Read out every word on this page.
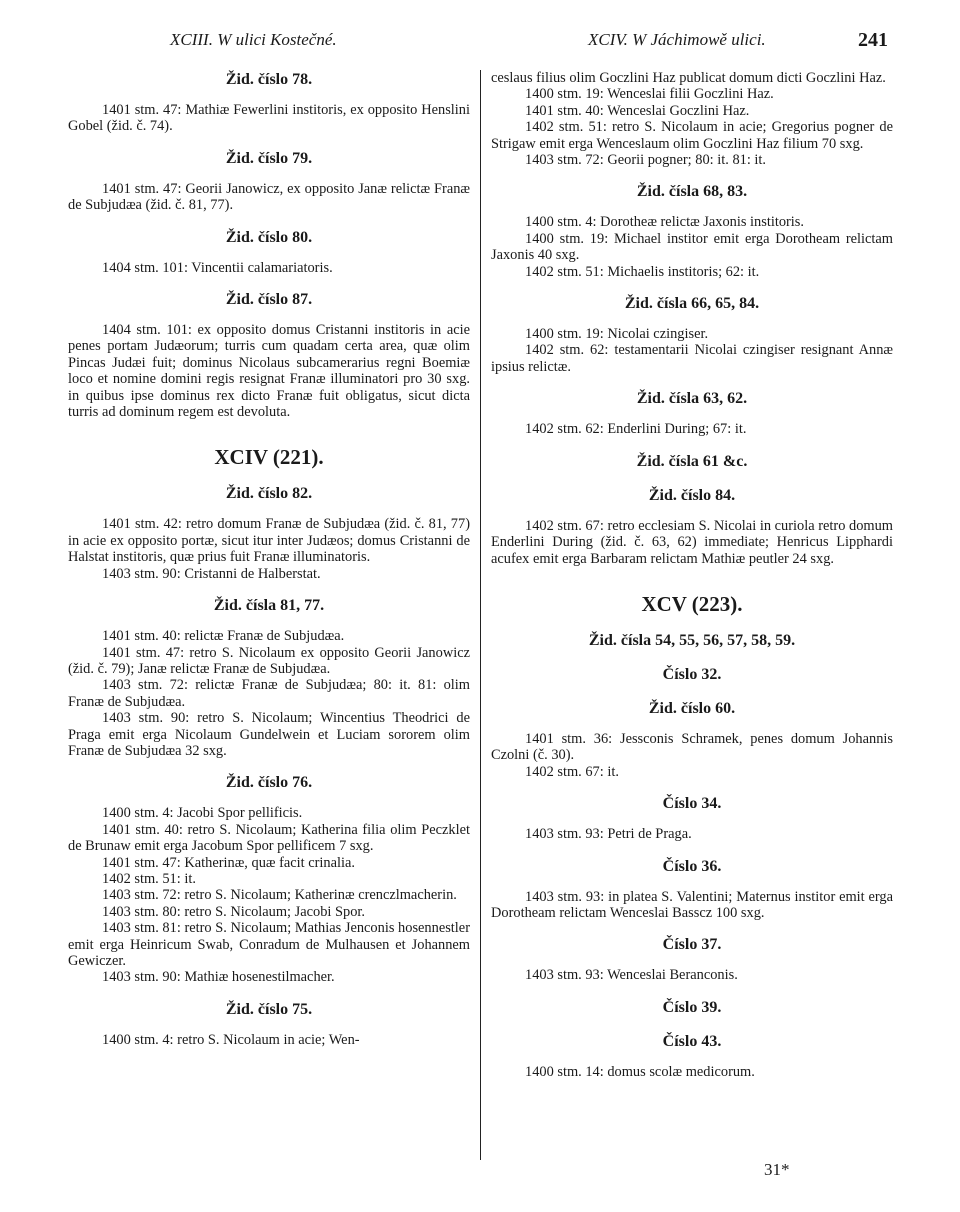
XCIII. W ulici Kostečné.	XCIV. W Jáchimowě ulici.	241
Žid. číslo 78.

1401 stm. 47: Mathiæ Fewerlini institoris, ex opposito Henslini Gobel (žid. č. 74).

Žid. číslo 79.

1401 stm. 47: Georii Janowicz, ex opposito Janæ relictæ Franæ de Subjudæa (žid. č. 81, 77).

Žid. číslo 80.

1404 stm. 101: Vincentii calamariatoris.

Žid. číslo 87.

1404 stm. 101: ex opposito domus Cristanni institoris in acie penes portam Judæorum; turris cum quadam certa area, quæ olim Pincas Judæi fuit; dominus Nicolaus subcamerarius regni Boemiæ loco et nomine domini regis resignat Franæ illuminatori pro 30 sxg. in quibus ipse dominus rex dicto Franæ fuit obligatus, sicut dicta turris ad dominum regem est devoluta.

XCIV (221).
Žid. číslo 82.

1401 stm. 42: retro domum Franæ de Subjudæa (žid. č. 81, 77) in acie ex opposito portæ, sicut itur inter Judæos; domus Cristanni de Halstat institoris, quæ prius fuit Franæ illuminatoris.

1403 stm. 90: Cristanni de Halberstat.

Žid. čísla 81, 77.

1401 stm. 40: relictæ Franæ de Subjudæa.

1401 stm. 47: retro S. Nicolaum ex opposito Georii Janowicz (žid. č. 79); Janæ relictæ Franæ de Subjudæa.

1403 stm. 72: relictæ Franæ de Subjudæa; 80: it. 81: olim Franæ de Subjudæa.

1403 stm. 90: retro S. Nicolaum; Wincentius Theodrici de Praga emit erga Nicolaum Gundelwein et Luciam sororem olim Franæ de Subjudæa 32 sxg.

Žid. číslo 76.

1400 stm. 4: Jacobi Spor pellificis.

1401 stm. 40: retro S. Nicolaum; Katherina filia olim Peczklet de Brunaw emit erga Jacobum Spor pellificem 7 sxg.

1401 stm. 47: Katherinæ, quæ facit crinalia.

1402 stm. 51: it.

1403 stm. 72: retro S. Nicolaum; Katherinæ crenczlmacherin.

1403 stm. 80: retro S. Nicolaum; Jacobi Spor.

1403 stm. 81: retro S. Nicolaum; Mathias Jenconis hosennestler emit erga Heinricum Swab, Conradum de Mulhausen et Johannem Gewiczer.

1403 stm. 90: Mathiæ hosenestilmacher.

Žid. číslo 75.

1400 stm. 4: retro S. Nicolaum in acie; Wen-

ceslaus filius olim Goczlini Haz publicat domum dicti Goczlini Haz.

1400 stm. 19: Wenceslai filii Goczlini Haz.

1401 stm. 40: Wenceslai Goczlini Haz.

1402 stm. 51: retro S. Nicolaum in acie; Gregorius pogner de Strigaw emit erga Wenceslaum olim Goczlini Haz filium 70 sxg.

1403 stm. 72: Georii pogner; 80: it. 81: it.

Žid. čísla 68, 83.

1400 stm. 4: Dorotheæ relictæ Jaxonis institoris.

1400 stm. 19: Michael institor emit erga Dorotheam relictam Jaxonis 40 sxg.

1402 stm. 51: Michaelis institoris; 62: it.

Žid. čísla 66, 65, 84.

1400 stm. 19: Nicolai czingiser.

1402 stm. 62: testamentarii Nicolai czingiser resignant Annæ ipsius relictæ.

Žid. čísla 63, 62.

1402 stm. 62: Enderlini During; 67: it.

Žid. čísla 61 &c.
Žid. číslo 84.

1402 stm. 67: retro ecclesiam S. Nicolai in curiola retro domum Enderlini During (žid. č. 63, 62) immediate; Henricus Lipphardi acufex emit erga Barbaram relictam Mathiæ peutler 24 sxg.

XCV (223).
Žid. čísla 54, 55, 56, 57, 58, 59.
Číslo 32.
Žid. číslo 60.

1401 stm. 36: Jessconis Schramek, penes domum Johannis Czolni (č. 30).

1402 stm. 67: it.

Číslo 34.

1403 stm. 93: Petri de Praga.

Číslo 36.

1403 stm. 93: in platea S. Valentini; Maternus institor emit erga Dorotheam relictam Wenceslai Basscz 100 sxg.

Číslo 37.

1403 stm. 93: Wenceslai Beranconis.

Číslo 39.
Číslo 43.

1400 stm. 14: domus scolæ medicorum.

31*
